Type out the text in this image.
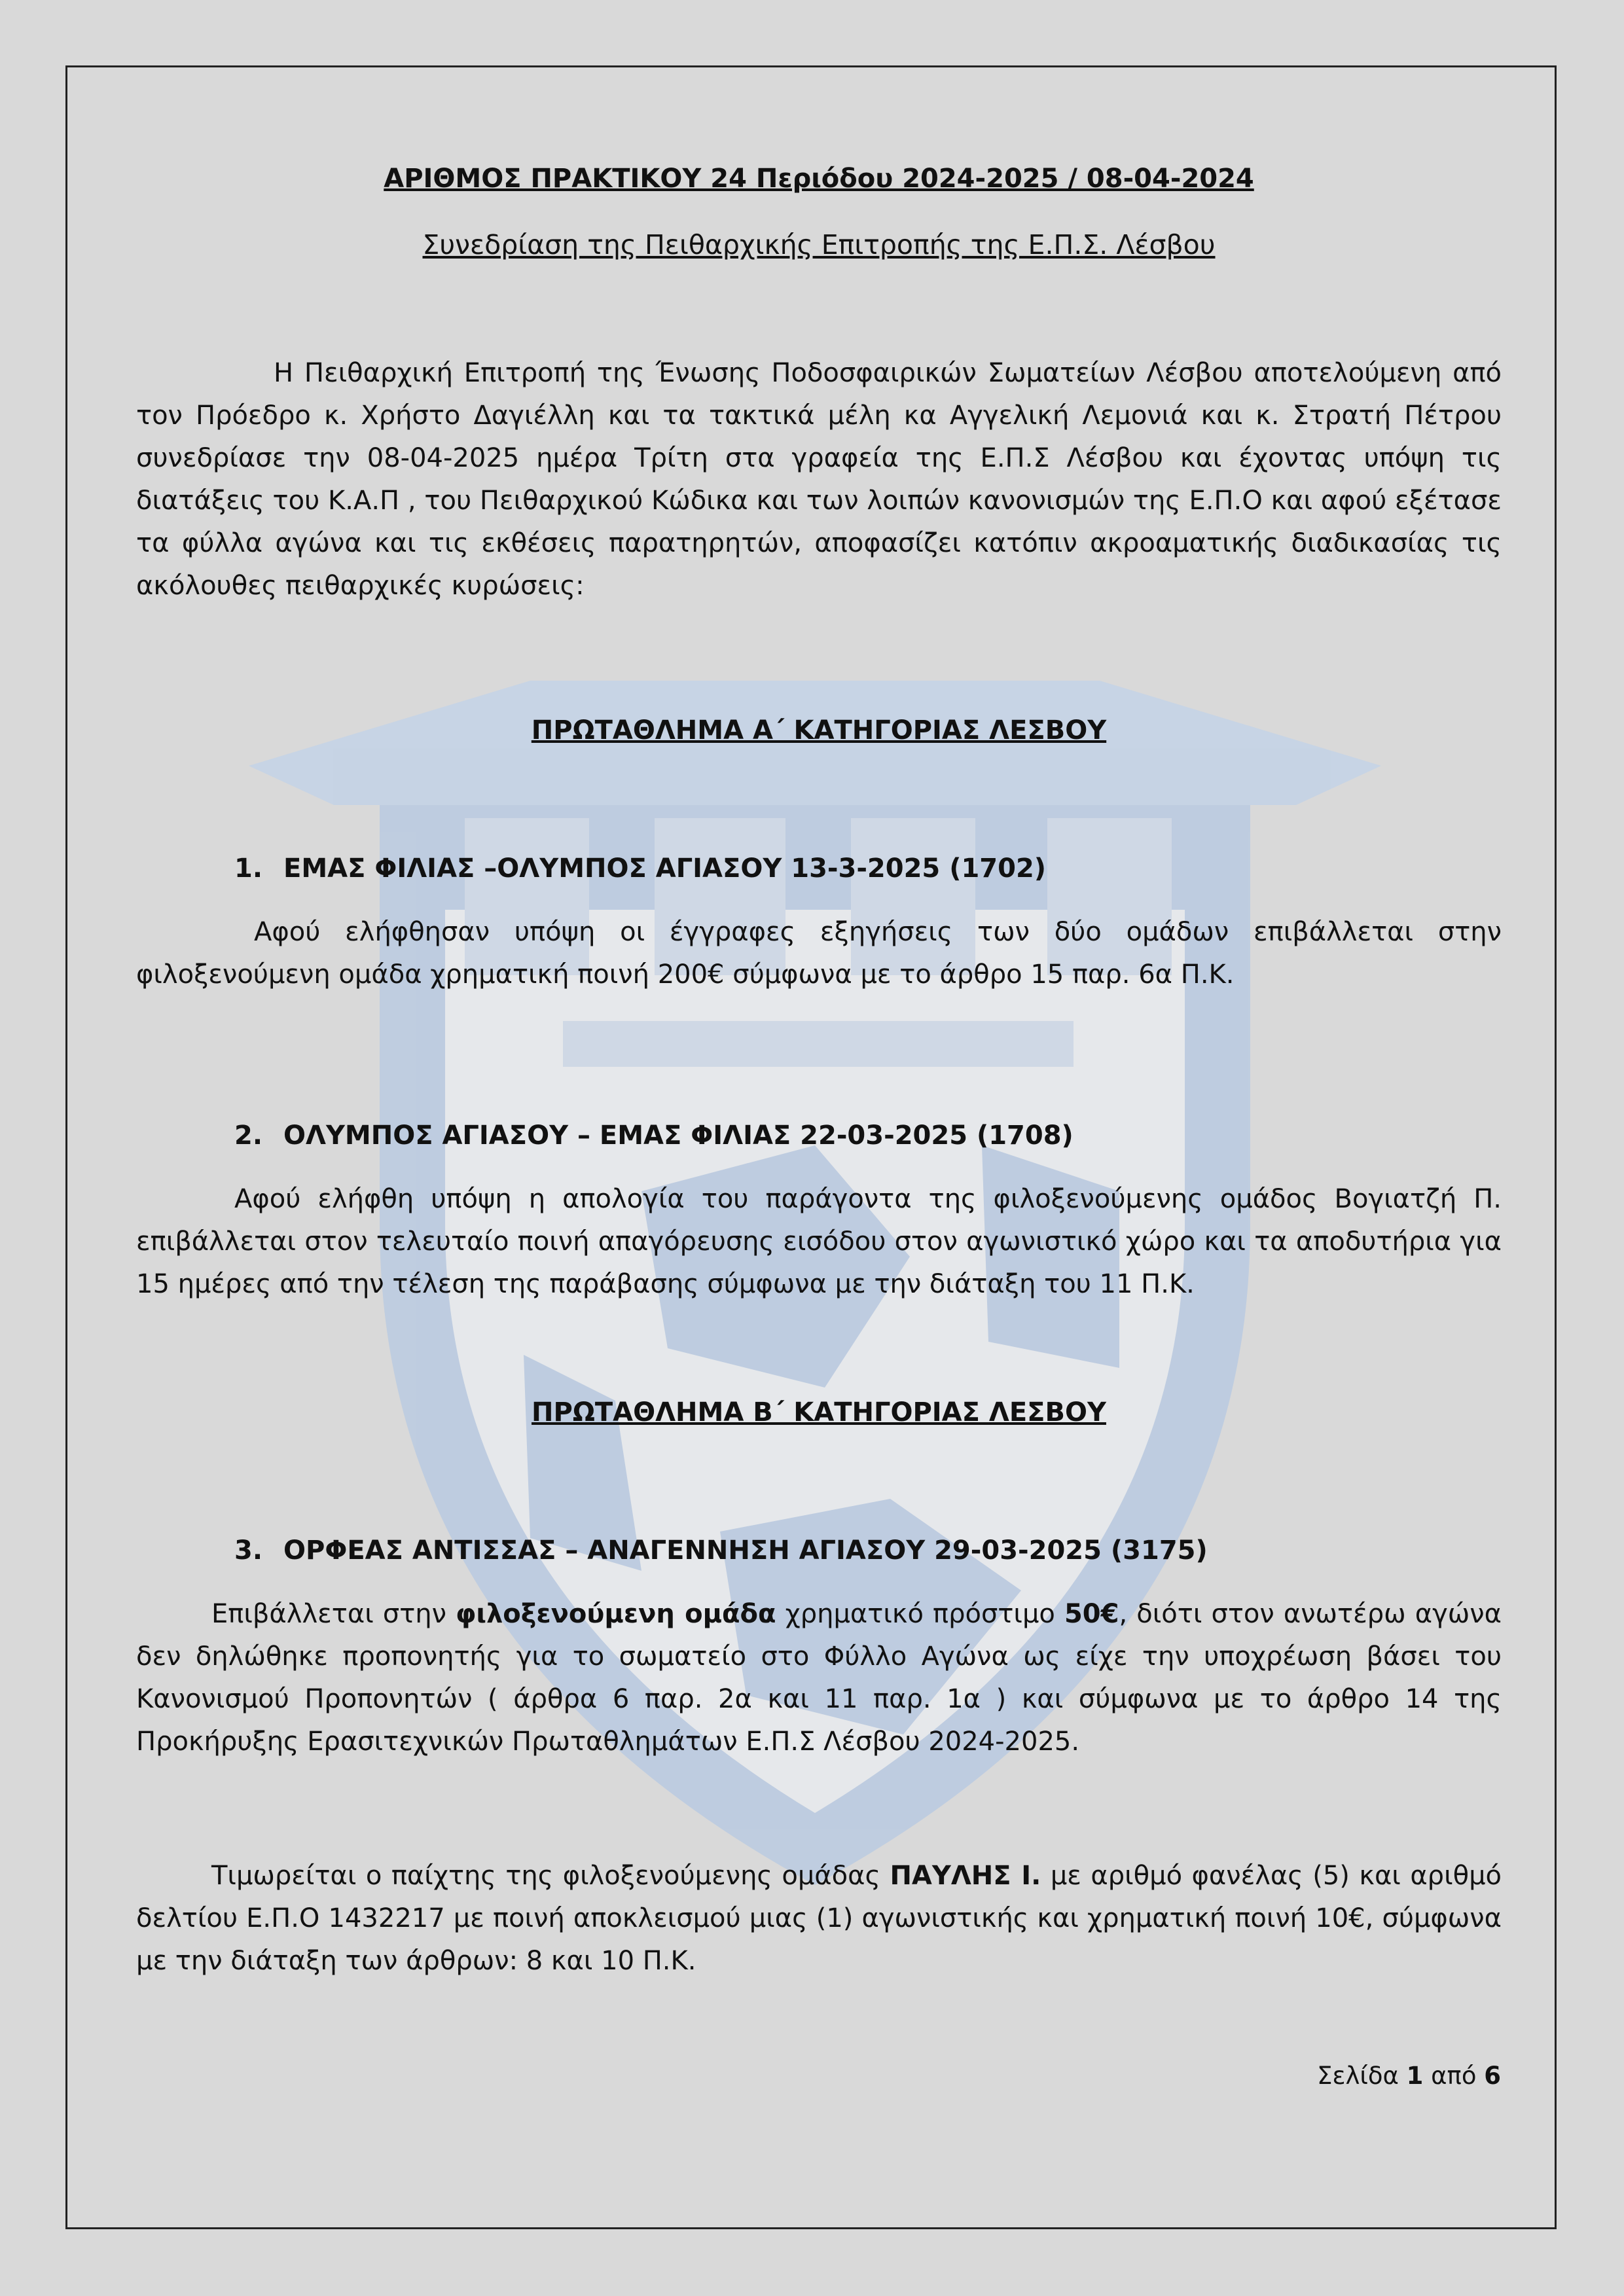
ΑΡΙΘΜΟΣ ΠΡΑΚΤΙΚΟΥ 24 Περιόδου 2024-2025 / 08-04-2024
Συνεδρίαση της Πειθαρχικής Επιτροπής της Ε.Π.Σ. Λέσβου

Η Πειθαρχική Επιτροπή της Ένωσης Ποδοσφαιρικών Σωματείων Λέσβου αποτελούμενη από τον Πρόεδρο κ. Χρήστο Δαγιέλλη και τα τακτικά μέλη κα Αγγελική Λεμονιά και κ. Στρατή Πέτρου συνεδρίασε την 08-04-2025 ημέρα Τρίτη στα γραφεία της Ε.Π.Σ Λέσβου και έχοντας υπόψη τις διατάξεις του Κ.Α.Π , του Πειθαρχικού Κώδικα και των λοιπών κανονισμών της Ε.Π.Ο και αφού εξέτασε τα φύλλα αγώνα και τις εκθέσεις παρατηρητών, αποφασίζει κατόπιν ακροαματικής διαδικασίας τις ακόλουθες πειθαρχικές κυρώσεις:

ΠΡΩΤΑΘΛΗΜΑ Α΄ ΚΑΤΗΓΟΡΙΑΣ ΛΕΣΒΟΥ
1. ΕΜΑΣ ΦΙΛΙΑΣ –ΟΛΥΜΠΟΣ ΑΓΙΑΣΟΥ 13-3-2025 (1702)

Αφού ελήφθησαν υπόψη οι έγγραφες εξηγήσεις των δύο ομάδων επιβάλλεται στην φιλοξενούμενη ομάδα χρηματική ποινή 200€ σύμφωνα με το άρθρο 15 παρ. 6α Π.Κ.

2. ΟΛΥΜΠΟΣ ΑΓΙΑΣΟΥ – ΕΜΑΣ ΦΙΛΙΑΣ 22-03-2025 (1708)

Αφού ελήφθη υπόψη η απολογία του παράγοντα της φιλοξενούμενης ομάδος Βογιατζή Π. επιβάλλεται στον τελευταίο ποινή απαγόρευσης εισόδου στον αγωνιστικό χώρο και τα αποδυτήρια για 15 ημέρες από την τέλεση της παράβασης σύμφωνα με την διάταξη του 11 Π.Κ.

ΠΡΩΤΑΘΛΗΜΑ Β΄ ΚΑΤΗΓΟΡΙΑΣ ΛΕΣΒΟΥ
3. ΟΡΦΕΑΣ ΑΝΤΙΣΣΑΣ – ΑΝΑΓΕΝΝΗΣΗ ΑΓΙΑΣΟΥ 29-03-2025 (3175)

Επιβάλλεται στην φιλοξενούμενη ομάδα χρηματικό πρόστιμο 50€, διότι στον ανωτέρω αγώνα δεν δηλώθηκε προπονητής για το σωματείο στο Φύλλο Αγώνα ως είχε την υποχρέωση βάσει του Κανονισμού Προπονητών ( άρθρα 6 παρ. 2α και 11 παρ. 1α ) και σύμφωνα με το άρθρο 14 της Προκήρυξης Ερασιτεχνικών Πρωταθλημάτων Ε.Π.Σ Λέσβου 2024-2025.

Τιμωρείται ο παίχτης της φιλοξενούμενης ομάδας ΠΑΥΛΗΣ Ι. με αριθμό φανέλας (5) και αριθμό δελτίου Ε.Π.Ο 1432217 με ποινή αποκλεισμού μιας (1) αγωνιστικής και χρηματική ποινή 10€, σύμφωνα με την διάταξη των άρθρων: 8 και 10 Π.Κ.

Σελίδα 1 από 6
